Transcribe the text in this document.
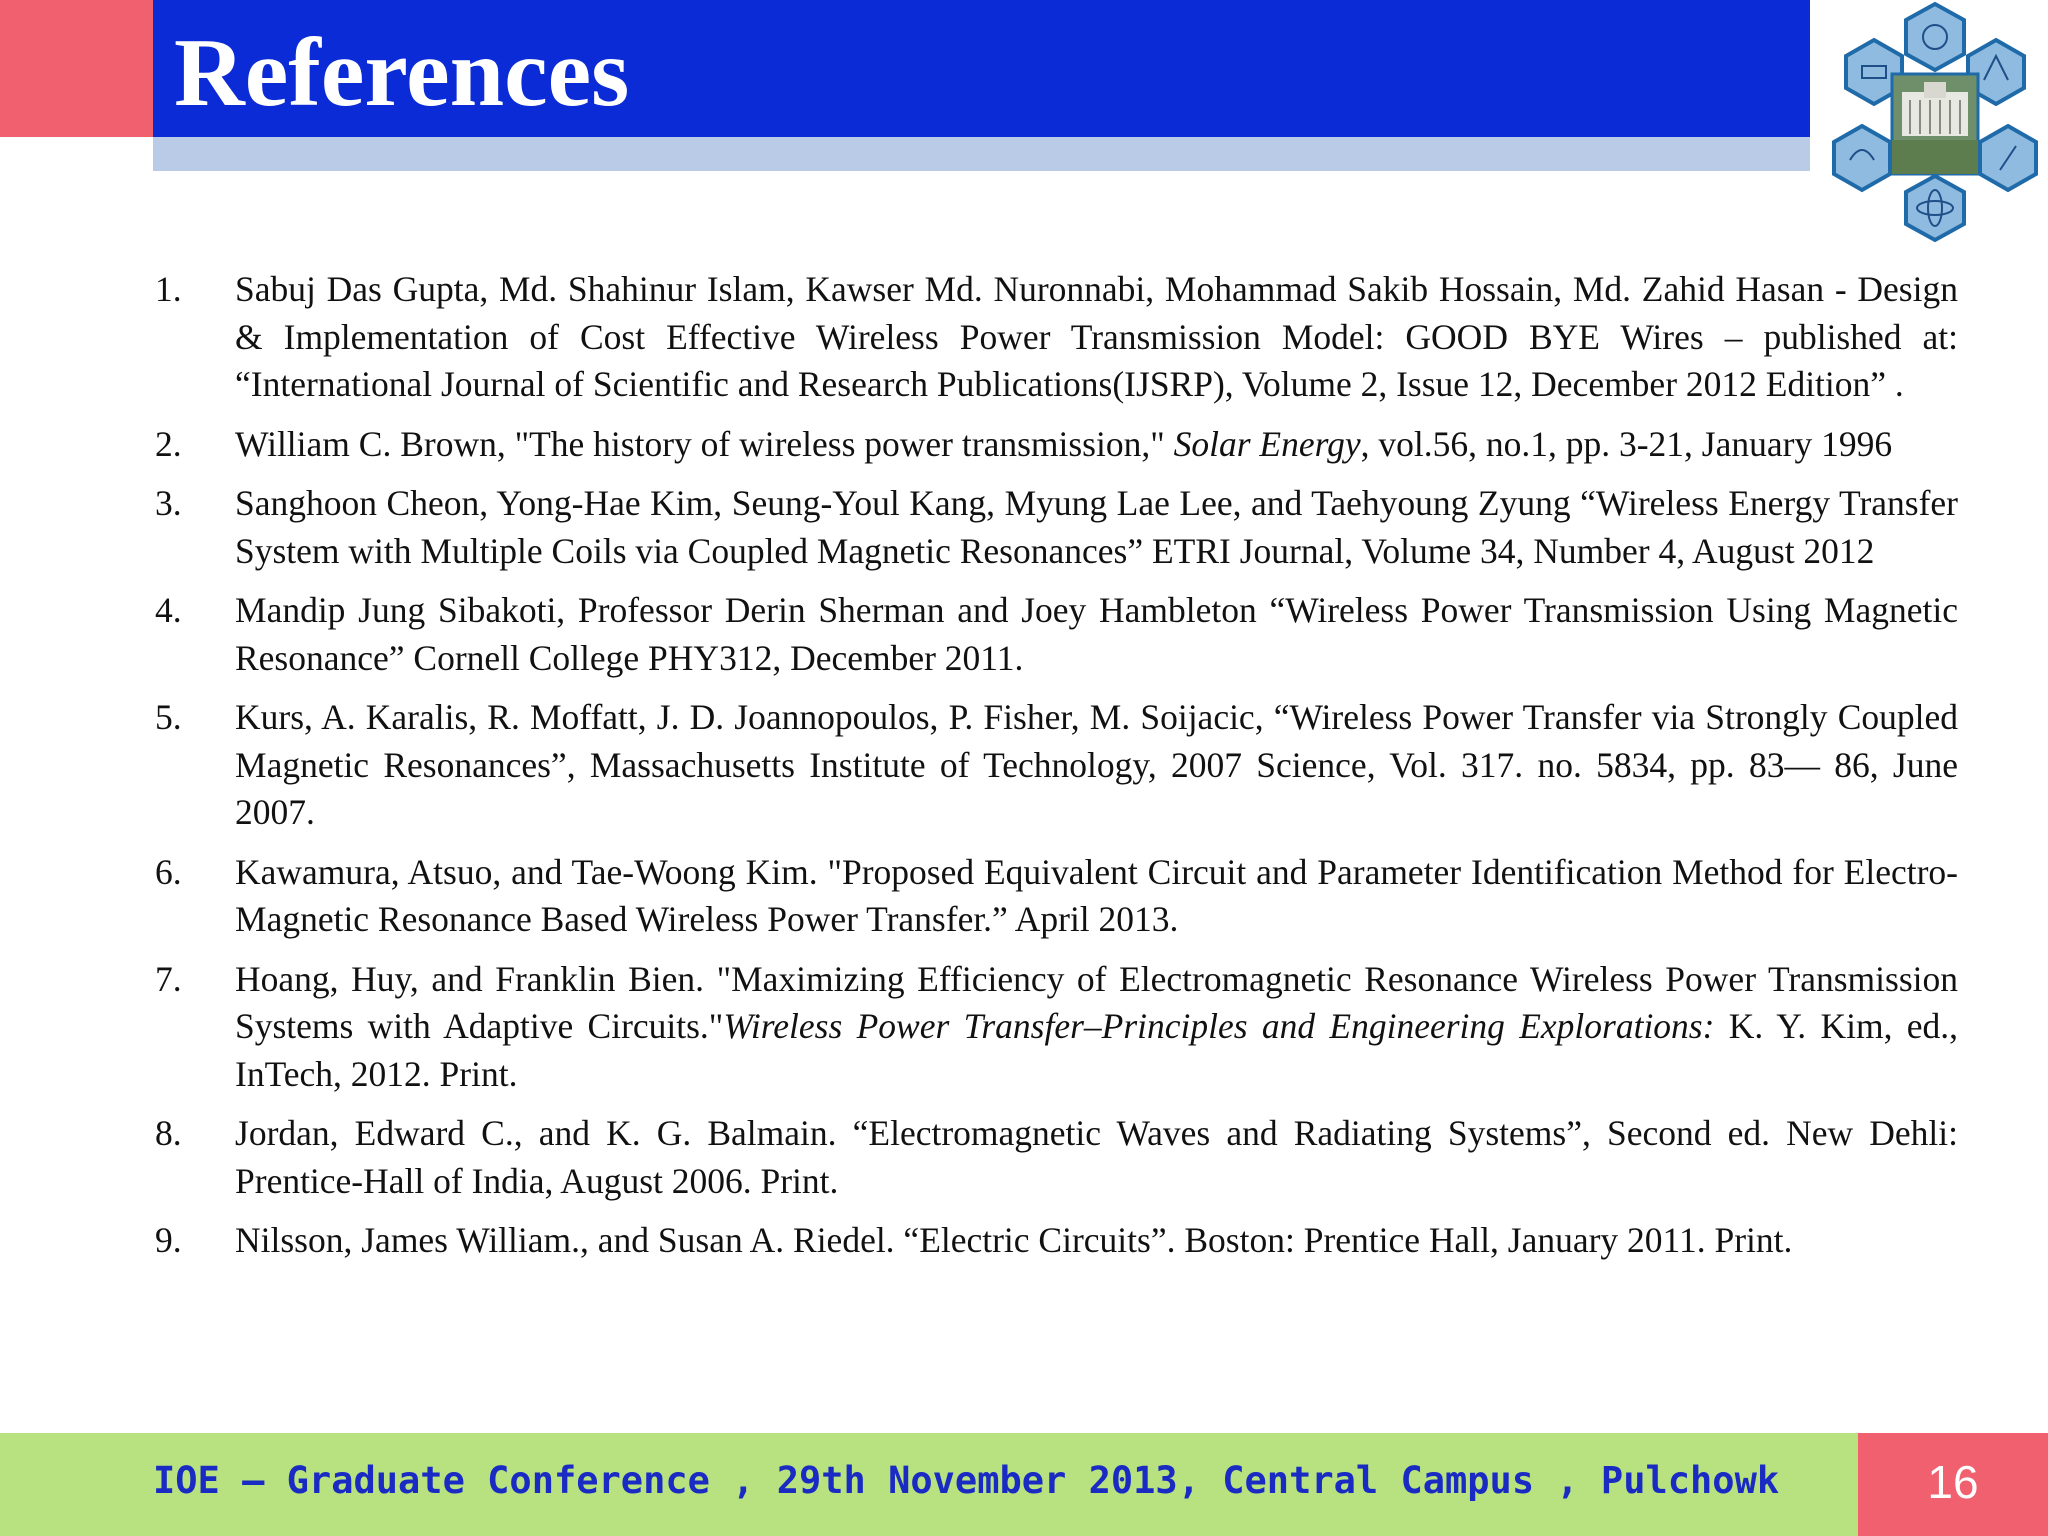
References
1.	Sabuj Das Gupta, Md. Shahinur Islam, Kawser Md. Nuronnabi, Mohammad Sakib Hossain, Md. Zahid Hasan - Design & Implementation of Cost Effective Wireless Power Transmission Model: GOOD BYE Wires – published at: “International Journal of Scientific and Research Publications(IJSRP), Volume 2, Issue 12, December 2012 Edition” .
2.	William C. Brown, "The history of wireless power transmission," Solar Energy, vol.56, no.1, pp. 3-21, January 1996
3.	Sanghoon Cheon, Yong-Hae Kim, Seung-Youl Kang, Myung Lae Lee, and Taehyoung Zyung “Wireless Energy Transfer System with Multiple Coils via Coupled Magnetic Resonances” ETRI Journal, Volume 34, Number 4, August 2012
4.	Mandip Jung Sibakoti, Professor Derin Sherman and Joey Hambleton “Wireless Power Transmission Using Magnetic Resonance” Cornell College PHY312, December 2011.
5.	Kurs, A. Karalis, R. Moffatt, J. D. Joannopoulos, P. Fisher, M. Soijacic, “Wireless Power Transfer via Strongly Coupled Magnetic Resonances”, Massachusetts Institute of Technology, 2007 Science, Vol. 317. no. 5834, pp. 83— 86, June 2007.
6.	Kawamura, Atsuo, and Tae-Woong Kim. "Proposed Equivalent Circuit and Parameter Identification Method for Electro-Magnetic Resonance Based Wireless Power Transfer.” April 2013.
7.	Hoang, Huy, and Franklin Bien. "Maximizing Efficiency of Electromagnetic Resonance Wireless Power Transmission Systems with Adaptive Circuits."Wireless Power Transfer–Principles and Engineering Explorations: K. Y. Kim, ed., InTech, 2012. Print.
8.	Jordan, Edward C., and K. G. Balmain. “Electromagnetic Waves and Radiating Systems”, Second ed. New Dehli: Prentice-Hall of India, August 2006. Print.
9.	Nilsson, James William., and Susan A. Riedel. “Electric Circuits”. Boston: Prentice Hall, January 2011. Print.
IOE – Graduate Conference , 29th November 2013, Central Campus , Pulchowk	16
